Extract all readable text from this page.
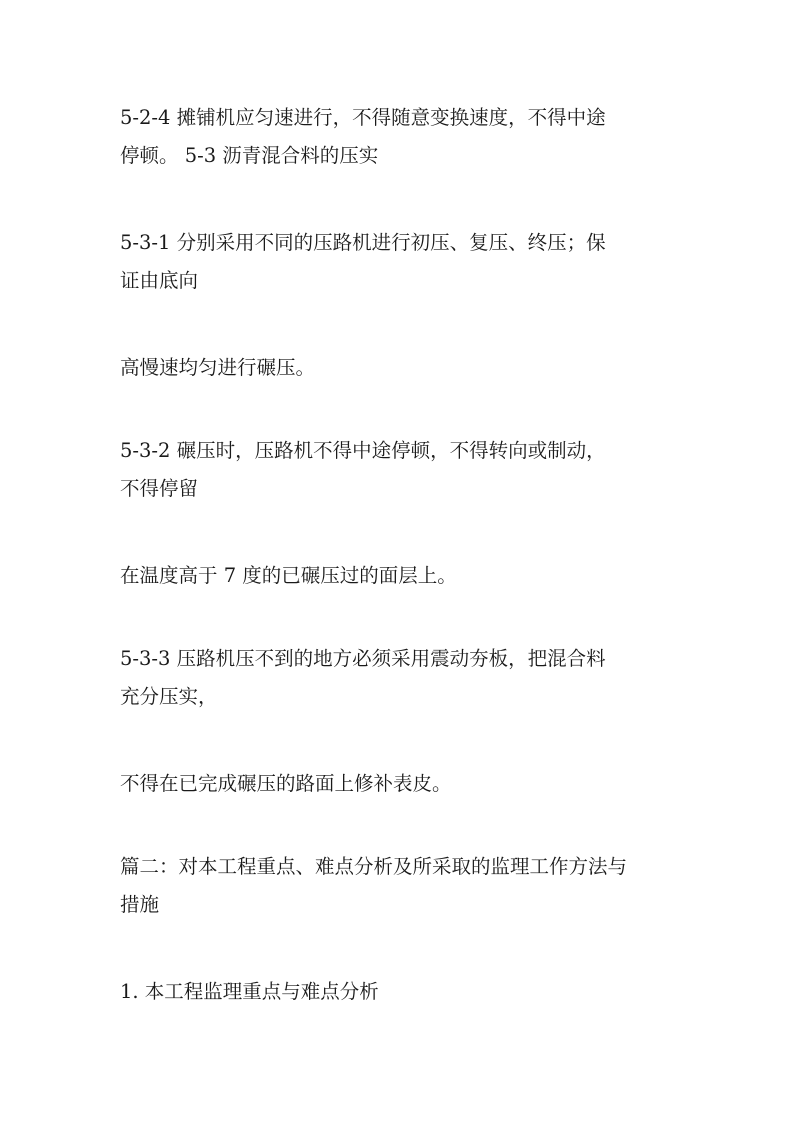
5-2-4 摊铺机应匀速进行，不得随意变换速度，不得中途
停顿。 5-3 沥青混合料的压实

5-3-1 分别采用不同的压路机进行初压、复压、终压；保
证由底向

高慢速均匀进行碾压。

5-3-2 碾压时，压路机不得中途停顿，不得转向或制动，
不得停留

在温度高于 7 度的已碾压过的面层上。

5-3-3 压路机压不到的地方必须采用震动夯板，把混合料
充分压实，

不得在已完成碾压的路面上修补表皮。

篇二：对本工程重点、难点分析及所采取的监理工作方法与
措施

1. 本工程监理重点与难点分析
